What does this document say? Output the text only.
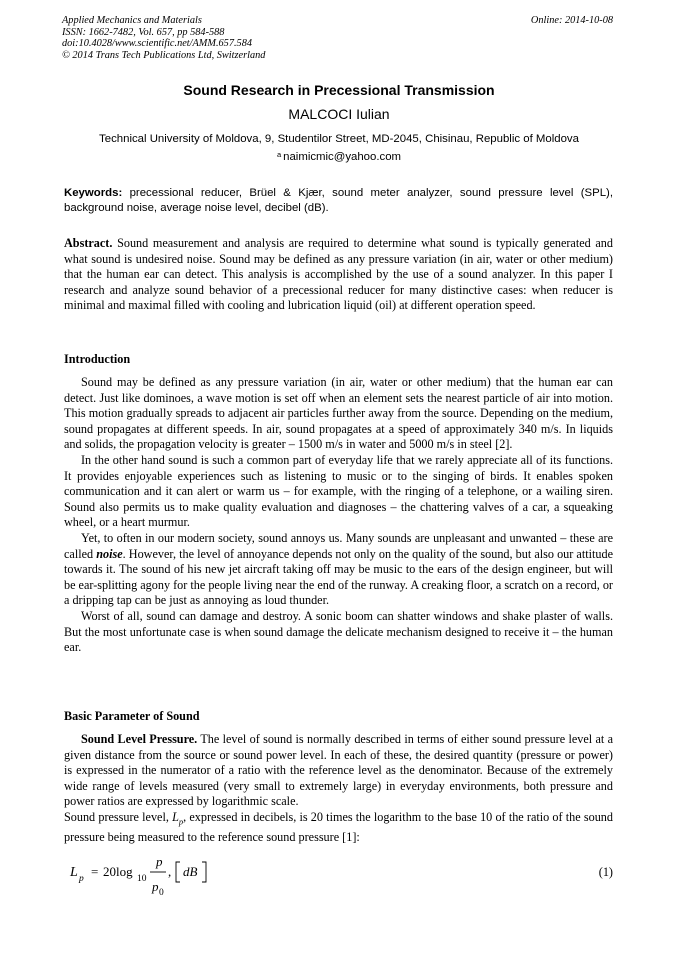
Applied Mechanics and Materials
ISSN: 1662-7482, Vol. 657, pp 584-588
doi:10.4028/www.scientific.net/AMM.657.584
© 2014 Trans Tech Publications Ltd, Switzerland
Online: 2014-10-08
Sound Research in Precessional Transmission
MALCOCI Iulian
Technical University of Moldova, 9, Studentilor Street, MD-2045, Chisinau, Republic of Moldova
$^a$ naimicmic@yahoo.com
Keywords: precessional reducer, Brüel & Kjær, sound meter analyzer, sound pressure level (SPL), background noise, average noise level, decibel (dB).
Abstract. Sound measurement and analysis are required to determine what sound is typically generated and what sound is undesired noise. Sound may be defined as any pressure variation (in air, water or other medium) that the human ear can detect. This analysis is accomplished by the use of a sound analyzer. In this paper I research and analyze sound behavior of a precessional reducer for many distinctive cases: when reducer is minimal and maximal filled with cooling and lubrication liquid (oil) at different operation speed.
Introduction

Sound may be defined as any pressure variation (in air, water or other medium) that the human ear can detect. Just like dominoes, a wave motion is set off when an element sets the nearest particle of air into motion. This motion gradually spreads to adjacent air particles further away from the source. Depending on the medium, sound propagates at different speeds. In air, sound propagates at a speed of approximately 340 m/s. In liquids and solids, the propagation velocity is greater – 1500 m/s in water and 5000 m/s in steel [2].

In the other hand sound is such a common part of everyday life that we rarely appreciate all of its functions. It provides enjoyable experiences such as listening to music or to the singing of birds. It enables spoken communication and it can alert or warm us – for example, with the ringing of a telephone, or a wailing siren. Sound also permits us to make quality evaluation and diagnoses – the chattering valves of a car, a squeaking wheel, or a heart murmur.

Yet, to often in our modern society, sound annoys us. Many sounds are unpleasant and unwanted – these are called noise. However, the level of annoyance depends not only on the quality of the sound, but also our attitude towards it. The sound of his new jet aircraft taking off may be music to the ears of the design engineer, but will be ear-splitting agony for the people living near the end of the runway. A creaking floor, a scratch on a record, or a dripping tap can be just as annoying as loud thunder.

Worst of all, sound can damage and destroy. A sonic boom can shatter windows and shake plaster of walls. But the most unfortunate case is when sound damage the delicate mechanism designed to receive it – the human ear.

Basic Parameter of Sound

Sound Level Pressure. The level of sound is normally described in terms of either sound pressure level at a given distance from the source or sound power level. In each of these, the desired quantity (pressure or power) is expressed in the numerator of a ratio with the reference level as the denominator. Because of the extremely wide range of levels measured (very small to extremely large) in everyday environments, both pressure and power ratios are expressed by logarithmic scale.

Sound pressure level, $L_p$, expressed in decibels, is 20 times the logarithm to the base 10 of the ratio of the sound pressure being measured to the reference sound pressure [1]:

L p = 20log 10
p
p 0
, dB	(1)
